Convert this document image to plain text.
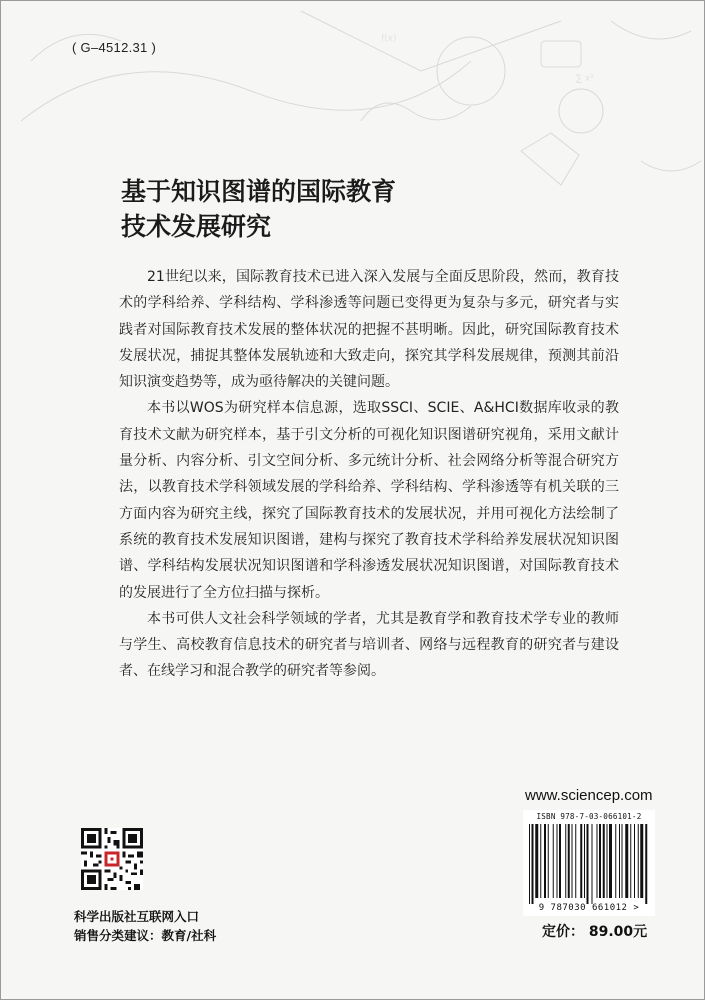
∑ x²
f(x)
( G–4512.31 )
基于知识图谱的国际教育
技术发展研究

21世纪以来，国际教育技术已进入深入发展与全面反思阶段，然而，教育技术的学科给养、学科结构、学科渗透等问题已变得更为复杂与多元，研究者与实践者对国际教育技术发展的整体状况的把握不甚明晰。因此，研究国际教育技术发展状况，捕捉其整体发展轨迹和大致走向，探究其学科发展规律，预测其前沿知识演变趋势等，成为亟待解决的关键问题。

本书以WOS为研究样本信息源，选取SSCI、SCIE、A&HCI数据库收录的教育技术文献为研究样本，基于引文分析的可视化知识图谱研究视角，采用文献计量分析、内容分析、引文空间分析、多元统计分析、社会网络分析等混合研究方法，以教育技术学科领域发展的学科给养、学科结构、学科渗透等有机关联的三方面内容为研究主线，探究了国际教育技术的发展状况，并用可视化方法绘制了系统的教育技术发展知识图谱，建构与探究了教育技术学科给养发展状况知识图谱、学科结构发展状况知识图谱和学科渗透发展状况知识图谱，对国际教育技术的发展进行了全方位扫描与探析。

本书可供人文社会科学领域的学者，尤其是教育学和教育技术学专业的教师与学生、高校教育信息技术的研究者与培训者、网络与远程教育的研究者与建设者、在线学习和混合教学的研究者等参阅。

科学出版社互联网入口
销售分类建议：教育/社科
www.sciencep.com
ISBN 978-7-03-066101-2
9 787030 661012 >
定价： 89.00元
